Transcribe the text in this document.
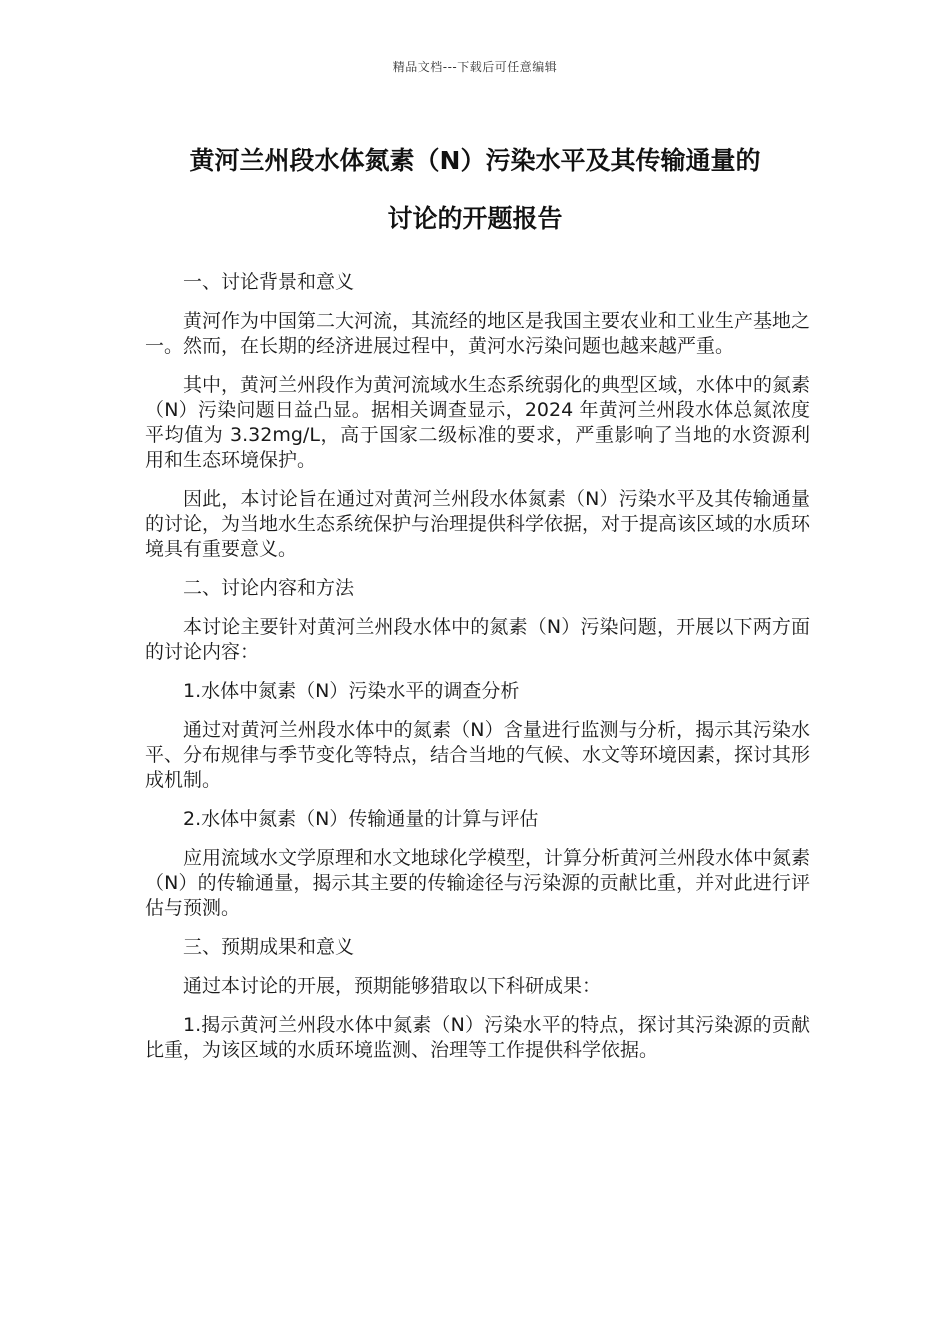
精品文档---下载后可任意编辑
黄河兰州段水体氮素（N）污染水平及其传输通量的
讨论的开题报告

一、讨论背景和意义

黄河作为中国第二大河流，其流经的地区是我国主要农业和工业生产基地之一。然而，在长期的经济进展过程中，黄河水污染问题也越来越严重。

其中，黄河兰州段作为黄河流域水生态系统弱化的典型区域，水体中的氮素（N）污染问题日益凸显。据相关调查显示，2024 年黄河兰州段水体总氮浓度平均值为 3.32mg/L，高于国家二级标准的要求，严重影响了当地的水资源利用和生态环境保护。

因此，本讨论旨在通过对黄河兰州段水体氮素（N）污染水平及其传输通量的讨论，为当地水生态系统保护与治理提供科学依据，对于提高该区域的水质环境具有重要意义。

二、讨论内容和方法

本讨论主要针对黄河兰州段水体中的氮素（N）污染问题，开展以下两方面的讨论内容：

1.水体中氮素（N）污染水平的调查分析

通过对黄河兰州段水体中的氮素（N）含量进行监测与分析，揭示其污染水平、分布规律与季节变化等特点，结合当地的气候、水文等环境因素，探讨其形成机制。

2.水体中氮素（N）传输通量的计算与评估

应用流域水文学原理和水文地球化学模型，计算分析黄河兰州段水体中氮素（N）的传输通量，揭示其主要的传输途径与污染源的贡献比重，并对此进行评估与预测。

三、预期成果和意义

通过本讨论的开展，预期能够猎取以下科研成果：

1.揭示黄河兰州段水体中氮素（N）污染水平的特点，探讨其污染源的贡献比重，为该区域的水质环境监测、治理等工作提供科学依据。
